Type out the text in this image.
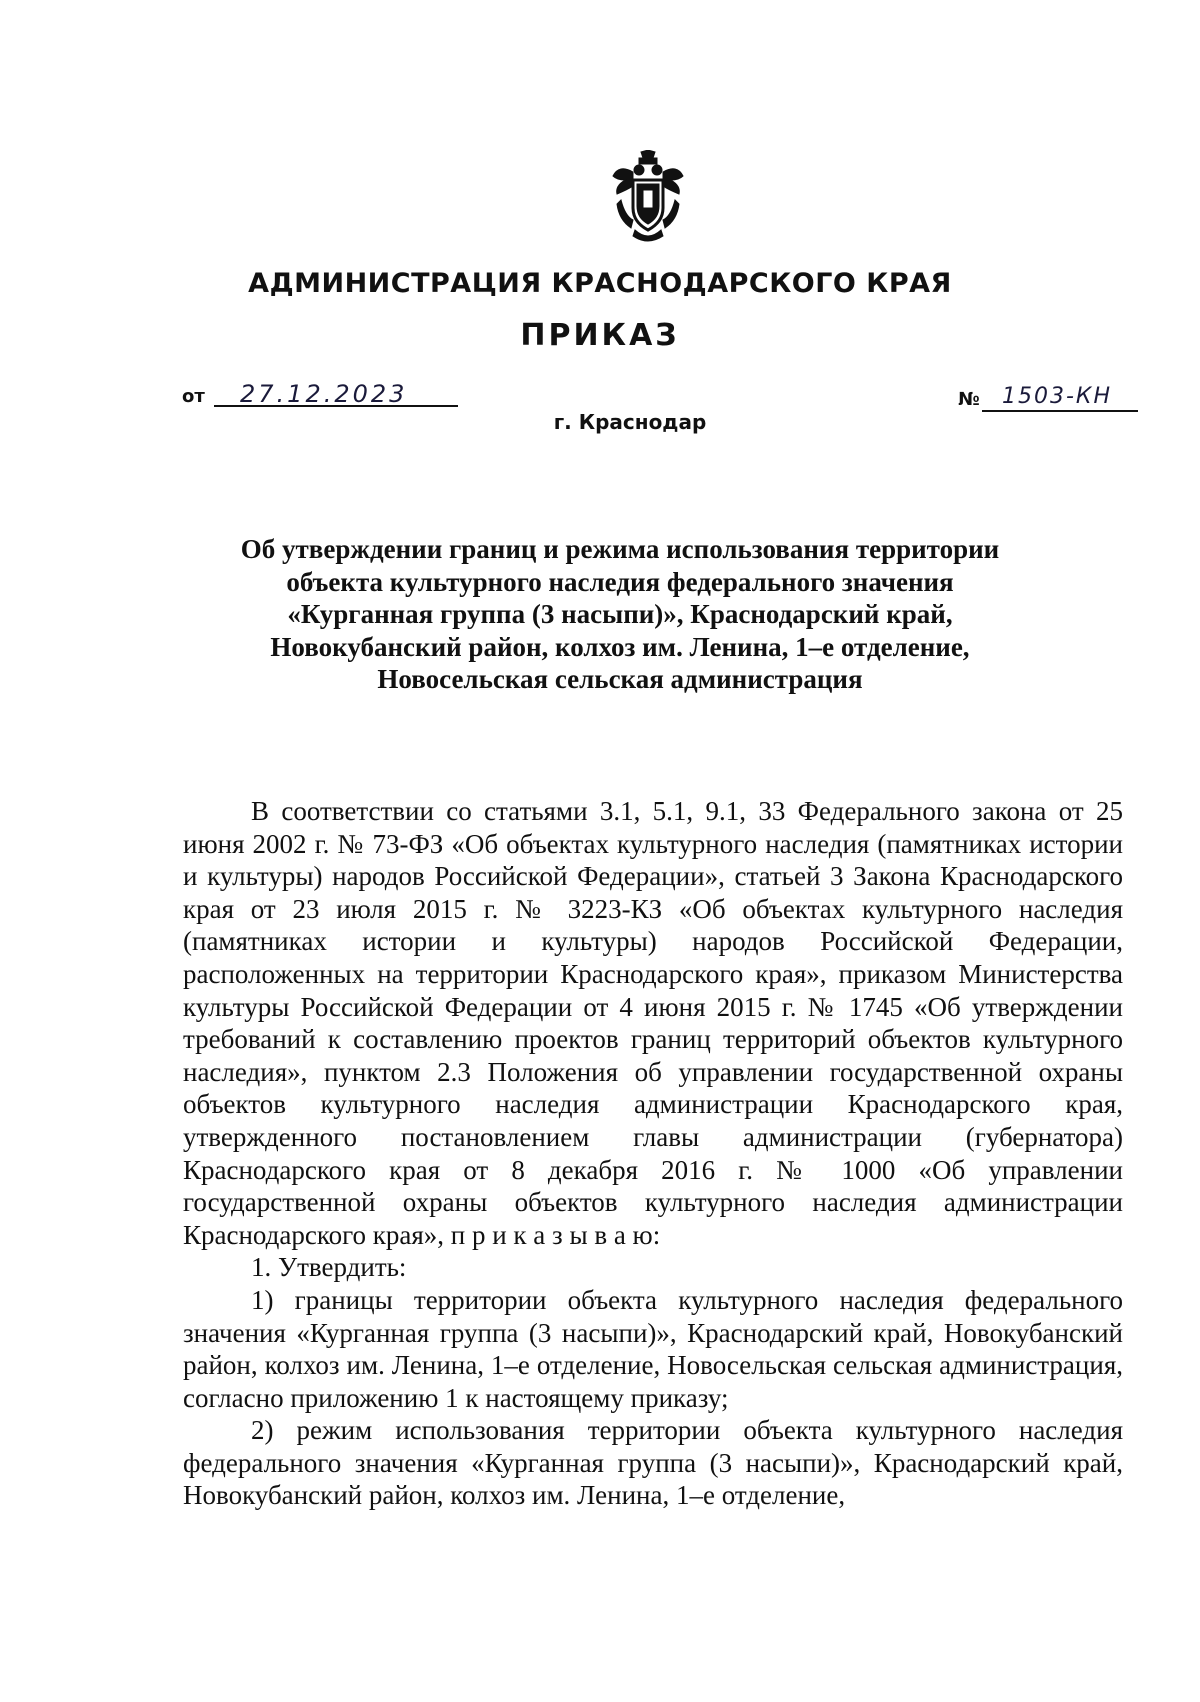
АДМИНИСТРАЦИЯ КРАСНОДАРСКОГО КРАЯ
ПРИКАЗ
от 27.12.2023	№ 1503-КН
г. Краснодар
Об утверждении границ и режима использования территории
объекта культурного наследия федерального значения
«Курганная группа (3 насыпи)», Краснодарский край,
Новокубанский район, колхоз им. Ленина, 1–е отделение,
Новосельская сельская администрация

В соответствии со статьями 3.1, 5.1, 9.1, 33 Федерального закона от 25 июня 2002 г. № 73-ФЗ «Об объектах культурного наследия (памятниках истории и культуры) народов Российской Федерации», статьей 3 Закона Краснодарского края от 23 июля 2015 г. № 3223-КЗ «Об объектах культурного наследия (памятниках истории и культуры) народов Российской Федерации, расположенных на территории Краснодарского края», приказом Министерства культуры Российской Федерации от 4 июня 2015 г. № 1745 «Об утверждении требований к составлению проектов границ территорий объектов культурного наследия», пунктом 2.3 Положения об управлении государственной охраны объектов культурного наследия администрации Краснодарского края, утвержденного постановлением главы администрации (губернатора) Краснодарского края от 8 декабря 2016 г. № 1000 «Об управлении государственной охраны объектов культурного наследия администрации Краснодарского края», п р и к а з ы в а ю:

1. Утвердить:

1) границы территории объекта культурного наследия федерального значения «Курганная группа (3 насыпи)», Краснодарский край, Новокубанский район, колхоз им. Ленина, 1–е отделение, Новосельская сельская администрация, согласно приложению 1 к настоящему приказу;

2) режим использования территории объекта культурного наследия федерального значения «Курганная группа (3 насыпи)», Краснодарский край, Новокубанский район, колхоз им. Ленина, 1–е отделение,
